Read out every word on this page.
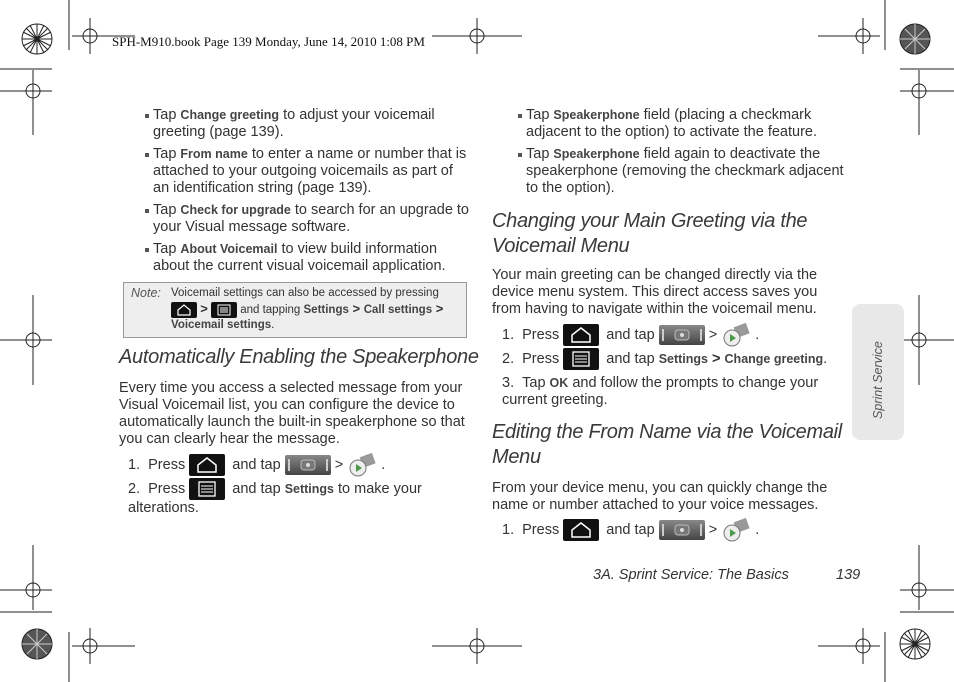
SPH-M910.book Page 139 Monday, June 14, 2010 1:08 PM
Tap Change greeting to adjust your voicemail greeting (page 139).
Tap From name to enter a name or number that is attached to your outgoing voicemails as part of an identification string (page 139).
Tap Check for upgrade to search for an upgrade to your Visual message software.
Tap About Voicemail to view build information about the current visual voicemail application.
Note: Voicemail settings can also be accessed by pressing
>	and tapping Settings > Call settings >
Voicemail settings.
Automatically Enabling the Speakerphone
Every time you access a selected message from your Visual Voicemail list, you can configure the device to automatically launch the built-in speakerphone so that you can clearly hear the message.
1. Press	and tap	>	.
2. Press	and tap Settings to make your alterations.
Tap Speakerphone field (placing a checkmark adjacent to the option) to activate the feature.
Tap Speakerphone field again to deactivate the speakerphone (removing the checkmark adjacent to the option).
Changing your Main Greeting via the
Voicemail Menu
Your main greeting can be changed directly via the device menu system. This direct access saves you from having to navigate within the voicemail menu.
1. Press	and tap	>	.
2. Press	and tap Settings > Change greeting.
3. Tap OK and follow the prompts to change your current greeting.
Editing the From Name via the Voicemail
Menu
From your device menu, you can quickly change the name or number attached to your voice messages.
1. Press	and tap	>	.
Sprint Service
3A. Sprint Service: The Basics	139
